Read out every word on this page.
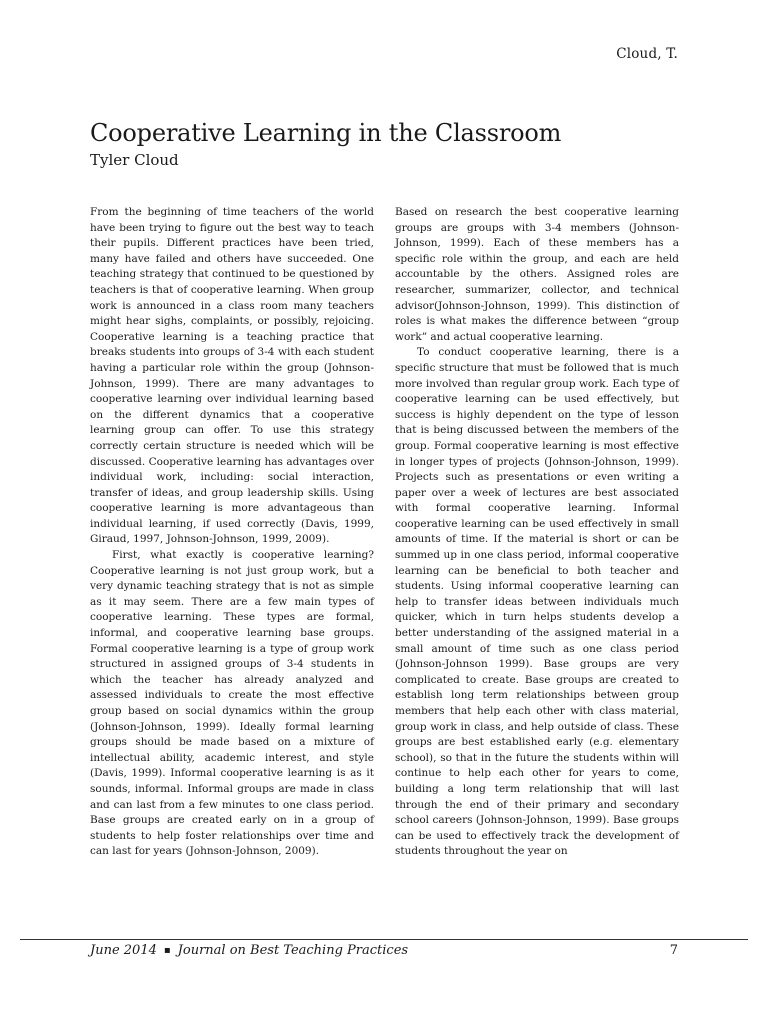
Cloud, T.
Cooperative Learning in the Classroom
Tyler Cloud

From the beginning of time teachers of the world have been trying to figure out the best way to teach their pupils. Different practices have been tried, many have failed and others have succeeded. One teaching strategy that continued to be questioned by teachers is that of cooperative learning. When group work is announced in a class room many teachers might hear sighs, complaints, or possibly, rejoicing. Cooperative learning is a teaching practice that breaks students into groups of 3-4 with each student having a particular role within the group (Johnson-Johnson, 1999). There are many advantages to cooperative learning over individual learning based on the different dynamics that a cooperative learning group can offer. To use this strategy correctly certain structure is needed which will be discussed. Cooperative learning has advantages over individual work, including: social interaction, transfer of ideas, and group leadership skills. Using cooperative learning is more advantageous than individual learning, if used correctly (Davis, 1999, Giraud, 1997, Johnson-Johnson, 1999, 2009).

First, what exactly is cooperative learning? Cooperative learning is not just group work, but a very dynamic teaching strategy that is not as simple as it may seem. There are a few main types of cooperative learning. These types are formal, informal, and cooperative learning base groups. Formal cooperative learning is a type of group work structured in assigned groups of 3-4 students in which the teacher has already analyzed and assessed individuals to create the most effective group based on social dynamics within the group (Johnson-Johnson, 1999). Ideally formal learning groups should be made based on a mixture of intellectual ability, academic interest, and style (Davis, 1999). Informal cooperative learning is as it sounds, informal. Informal groups are made in class and can last from a few minutes to one class period. Base groups are created early on in a group of students to help foster relationships over time and can last for years (Johnson-Johnson, 2009).

Based on research the best cooperative learning groups are groups with 3-4 members (Johnson-Johnson, 1999). Each of these members has a specific role within the group, and each are held accountable by the others. Assigned roles are researcher, summarizer, collector, and technical advisor(Johnson-Johnson, 1999). This distinction of roles is what makes the difference between “group work” and actual cooperative learning.

To conduct cooperative learning, there is a specific structure that must be followed that is much more involved than regular group work. Each type of cooperative learning can be used effectively, but success is highly dependent on the type of lesson that is being discussed between the members of the group. Formal cooperative learning is most effective in longer types of projects (Johnson-Johnson, 1999). Projects such as presentations or even writing a paper over a week of lectures are best associated with formal cooperative learning. Informal cooperative learning can be used effectively in small amounts of time. If the material is short or can be summed up in one class period, informal cooperative learning can be beneficial to both teacher and students. Using informal cooperative learning can help to transfer ideas between individuals much quicker, which in turn helps students develop a better understanding of the assigned material in a small amount of time such as one class period (Johnson-Johnson 1999). Base groups are very complicated to create. Base groups are created to establish long term relationships between group members that help each other with class material, group work in class, and help outside of class. These groups are best established early (e.g. elementary school), so that in the future the students within will continue to help each other for years to come, building a long term relationship that will last through the end of their primary and secondary school careers (Johnson-Johnson, 1999). Base groups can be used to effectively track the development of students throughout the year on

June 2014 ▪ Journal on Best Teaching Practices	7
